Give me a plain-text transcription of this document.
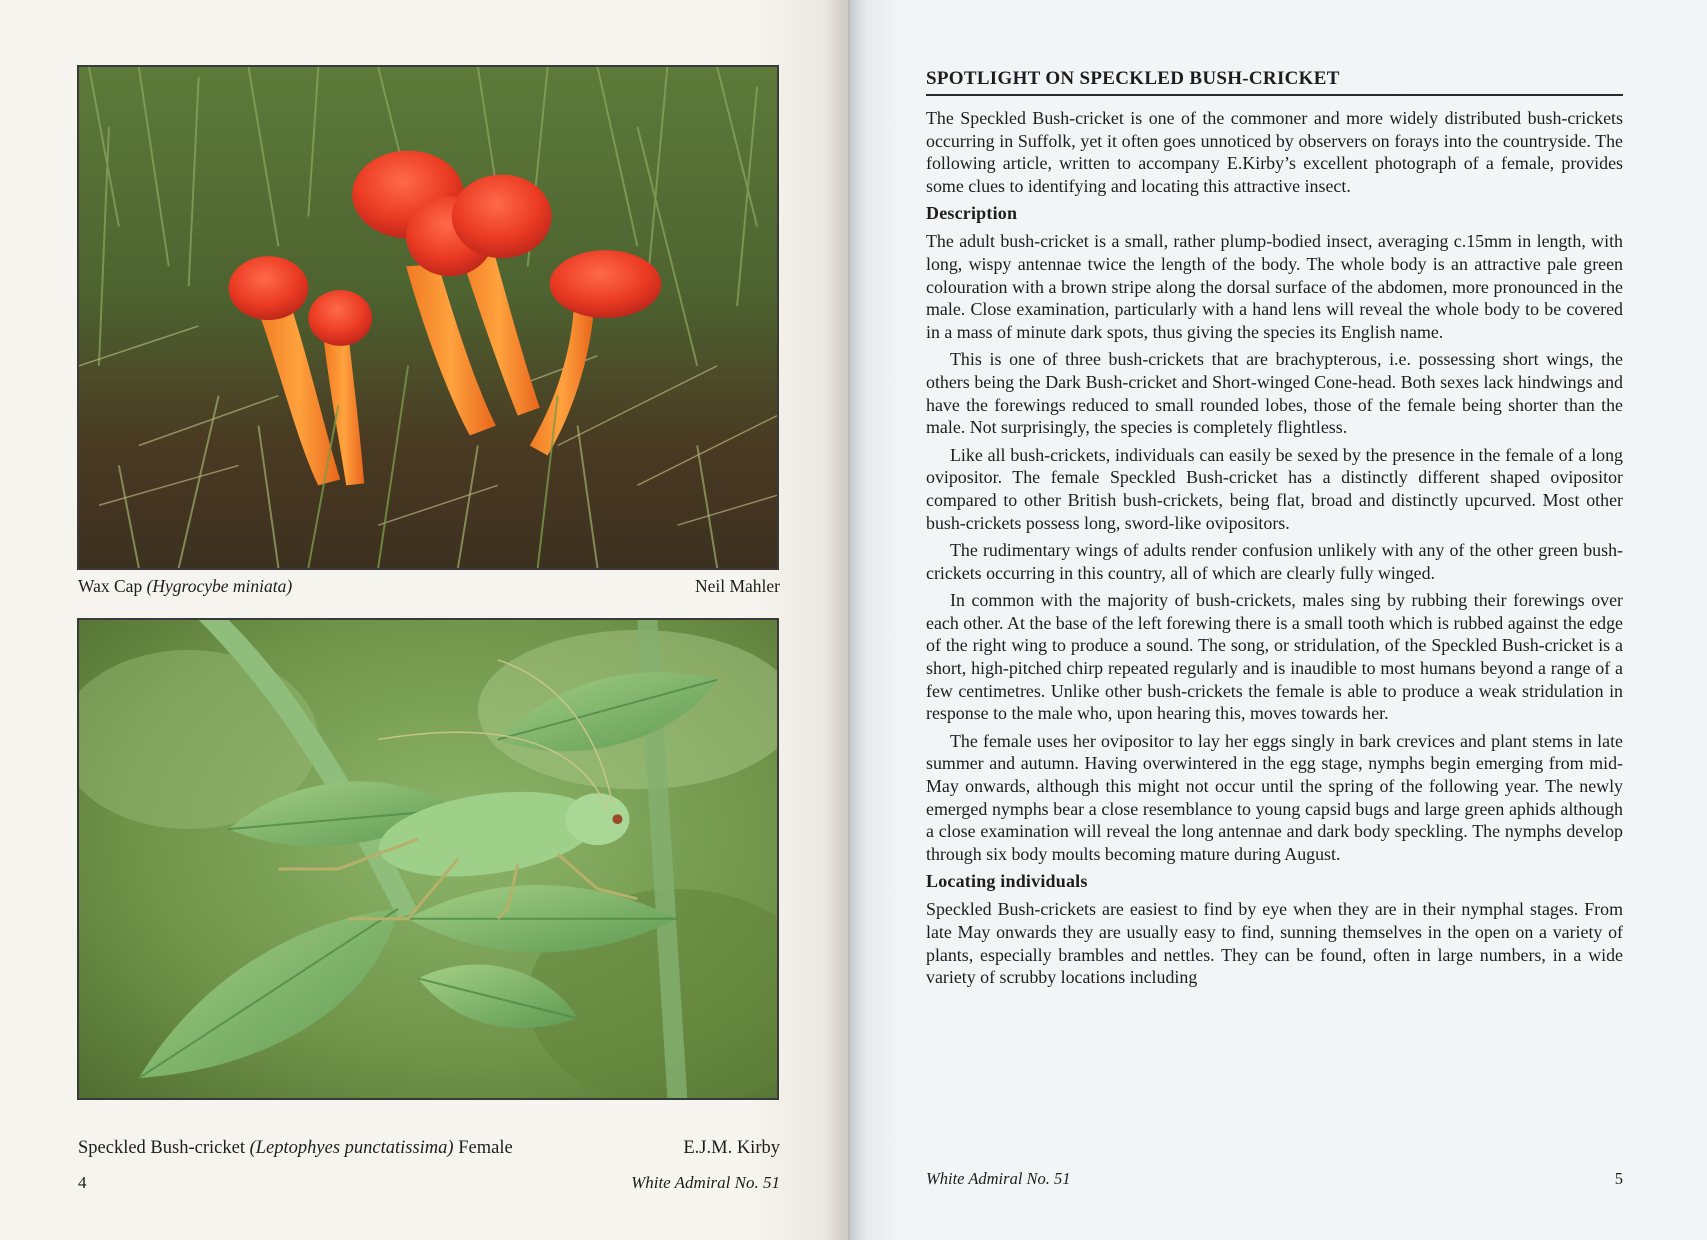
Wax Cap (Hygrocybe miniata)	Neil Mahler
Speckled Bush-cricket (Leptophyes punctatissima) Female	E.J.M. Kirby
4	White Admiral No. 51
SPOTLIGHT ON SPECKLED BUSH-CRICKET

The Speckled Bush-cricket is one of the commoner and more widely distributed bush-crickets occurring in Suffolk, yet it often goes unnoticed by observers on forays into the countryside. The following article, written to accompany E.Kirby’s excellent photograph of a female, provides some clues to identifying and locating this attractive insect.

Description

The adult bush-cricket is a small, rather plump-bodied insect, averaging c.15mm in length, with long, wispy antennae twice the length of the body. The whole body is an attractive pale green colouration with a brown stripe along the dorsal surface of the abdomen, more pronounced in the male. Close examination, particularly with a hand lens will reveal the whole body to be covered in a mass of minute dark spots, thus giving the species its English name.

This is one of three bush-crickets that are brachypterous, i.e. possessing short wings, the others being the Dark Bush-cricket and Short-winged Cone-head. Both sexes lack hindwings and have the forewings reduced to small rounded lobes, those of the female being shorter than the male. Not surprisingly, the species is completely flightless.

Like all bush-crickets, individuals can easily be sexed by the presence in the female of a long ovipositor. The female Speckled Bush-cricket has a distinctly different shaped ovipositor compared to other British bush-crickets, being flat, broad and distinctly upcurved. Most other bush-crickets possess long, sword-like ovipositors.

The rudimentary wings of adults render confusion unlikely with any of the other green bush-crickets occurring in this country, all of which are clearly fully winged.

In common with the majority of bush-crickets, males sing by rubbing their forewings over each other. At the base of the left forewing there is a small tooth which is rubbed against the edge of the right wing to produce a sound. The song, or stridulation, of the Speckled Bush-cricket is a short, high-pitched chirp repeated regularly and is inaudible to most humans beyond a range of a few centimetres. Unlike other bush-crickets the female is able to produce a weak stridulation in response to the male who, upon hearing this, moves towards her.

The female uses her ovipositor to lay her eggs singly in bark crevices and plant stems in late summer and autumn. Having overwintered in the egg stage, nymphs begin emerging from mid-May onwards, although this might not occur until the spring of the following year. The newly emerged nymphs bear a close resemblance to young capsid bugs and large green aphids although a close examination will reveal the long antennae and dark body speckling. The nymphs develop through six body moults becoming mature during August.

Locating individuals

Speckled Bush-crickets are easiest to find by eye when they are in their nymphal stages. From late May onwards they are usually easy to find, sunning themselves in the open on a variety of plants, especially brambles and nettles. They can be found, often in large numbers, in a wide variety of scrubby locations including

White Admiral No. 51	5
